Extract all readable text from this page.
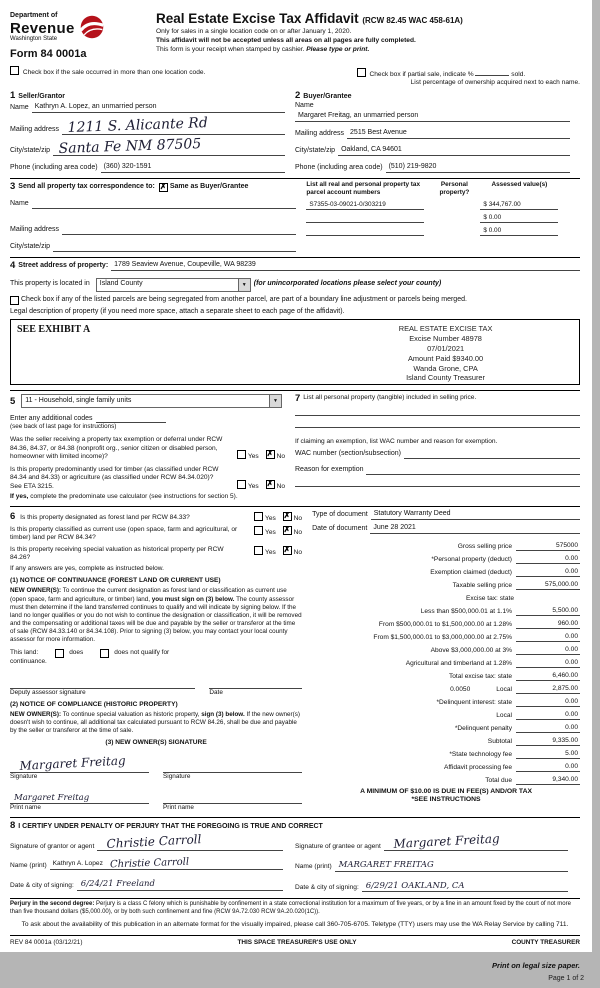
Department of
Revenue
Washington State
Form 84 0001a
Real Estate Excise Tax Affidavit (RCW 82.45 WAC 458-61A)
Only for sales in a single location code on or after January 1, 2020.
This affidavit will not be accepted unless all areas on all pages are fully completed.
This form is your receipt when stamped by cashier. Please type or print.
Check box if the sale occurred in more than one location code.	Check box if partial sale, indicate %	sold.
List percentage of ownership acquired next to each name.
1 Seller/Grantor
Name Kathryn A. Lopez, an unmarried person
Mailing address 1211 S. Alicante Rd
City/state/zip Santa Fe NM 87505
Phone (including area code) (360) 320-1591
2 Buyer/Grantee
Name
Margaret Freitag, an unmarried person
Mailing address 2515 Best Avenue
City/state/zip Oakland, CA 94601
Phone (including area code) (510) 219-9820
3 Send all property tax correspondence to: ✗ Same as Buyer/Grantee
Name
Mailing address
City/state/zip
List all real and personal property tax parcel account numbers
Personal property?
Assessed value(s)
S7355-03-09021-0/303219	$ 344,767.00
$ 0.00
$ 0.00
4 Street address of property: 1789 Seaview Avenue, Coupeville, WA 98239
This property is located in Island County ▼	(for unincorporated locations please select your county)
Check box if any of the listed parcels are being segregated from another parcel, are part of a boundary line adjustment or parcels being merged.
Legal description of property (if you need more space, attach a separate sheet to each page of the affidavit).
SEE EXHIBIT A	REAL ESTATE EXCISE TAX
Excise Number 48978
07/01/2021
Amount Paid $9340.00
Wanda Grone, CPA
Island County Treasurer
5 11 - Household, single family units
▼
Enter any additional codes
(see back of last page for instructions)
Was the seller receiving a property tax exemption or deferral under RCW 84.36, 84.37, or 84.38 (nonprofit org., senior citizen or disabled person, homeowner with limited income)?	Yes ✗	No
Is this property predominantly used for timber (as classified under RCW 84.34 and 84.33) or agriculture (as classified under RCW 84.34.020)? See ETA 3215.	Yes ✗	No
If yes, complete the predominate use calculator (see instructions for section 5).
7 List all personal property (tangible) included in selling price.
If claiming an exemption, list WAC number and reason for exemption.
WAC number (section/subsection)
Reason for exemption
6 Is this property designated as forest land per RCW 84.33?	Yes ✗	No
Is this property classified as current use (open space, farm and agricultural, or timber) land per RCW 84.34?
Yes ✗	No
Is this property receiving special valuation as historical property per RCW 84.26?
Yes ✗	No
If any answers are yes, complete as instructed below.
(1) NOTICE OF CONTINUANCE (FOREST LAND OR CURRENT USE)
NEW OWNER(S): To continue the current designation as forest land or classification as current use (open space, farm and agriculture, or timber) land, you must sign on (3) below. The county assessor must then determine if the land transferred continues to qualify and will indicate by signing below. If the land no longer qualifies or you do not wish to continue the designation or classification, it will be removed and the compensating or additional taxes will be due and payable by the seller or transferor at the time of sale (RCW 84.33.140 or 84.34.108). Prior to signing (3) below, you may contact your local county assessor for more information.
This land:	does	does not qualify for
continuance.
Deputy assessor signature	Date
(2) NOTICE OF COMPLIANCE (HISTORIC PROPERTY)
NEW OWNER(S): To continue special valuation as historic property, sign (3) below. If the new owner(s) doesn't wish to continue, all additional tax calculated pursuant to RCW 84.26, shall be due and payable by the seller or transferor at the time of sale.
(3) NEW OWNER(S) SIGNATURE
Margaret Freitag
Signature	Signature
Margaret Freitag
Print name	Print name
Type of document Statutory Warranty Deed
Date of document June 28 2021
Gross selling price	575000
*Personal property (deduct)	0.00
Exemption claimed (deduct)	0.00
Taxable selling price	575,000.00
Excise tax: state
Less than $500,000.01 at 1.1%	5,500.00
From $500,000.01 to $1,500,000.00 at 1.28%	960.00
From $1,500,000.01 to $3,000,000.00 at 2.75%	0.00
Above $3,000,000.00 at 3%	0.00
Agricultural and timberland at 1.28%	0.00
Total excise tax: state	6,460.00
0.0050	Local	2,875.00
*Delinquent interest: state	0.00
Local	0.00
*Delinquent penalty	0.00
Subtotal	9,335.00
*State technology fee	5.00
Affidavit processing fee	0.00
Total due	9,340.00
A MINIMUM OF $10.00 IS DUE IN FEE(S) AND/OR TAX
*SEE INSTRUCTIONS
8 I CERTIFY UNDER PENALTY OF PERJURY THAT THE FOREGOING IS TRUE AND CORRECT
Signature of grantor or agent Christie Carroll
Name (print) Kathryn A. Lopez Christie Carroll
Date & city of signing: 6/24/21 Freeland
Signature of grantee or agent Margaret Freitag
Name (print) MARGARET FREITAG
Date & city of signing: 6/29/21 OAKLAND, CA
Perjury in the second degree: Perjury is a class C felony which is punishable by confinement in a state correctional institution for a maximum of five years, or by a fine in an amount fixed by the court of not more than five thousand dollars ($5,000.00), or by both such confinement and fine (RCW 9A.72.030 RCW 9A.20.020(1C)).
To ask about the availability of this publication in an alternate format for the visually impaired, please call 360-705-6705. Teletype (TTY) users may use the WA Relay Service by calling 711.
REV 84 0001a (03/12/21)	THIS SPACE TREASURER'S USE ONLY	COUNTY TREASURER
Print on legal size paper.
Page 1 of 2
